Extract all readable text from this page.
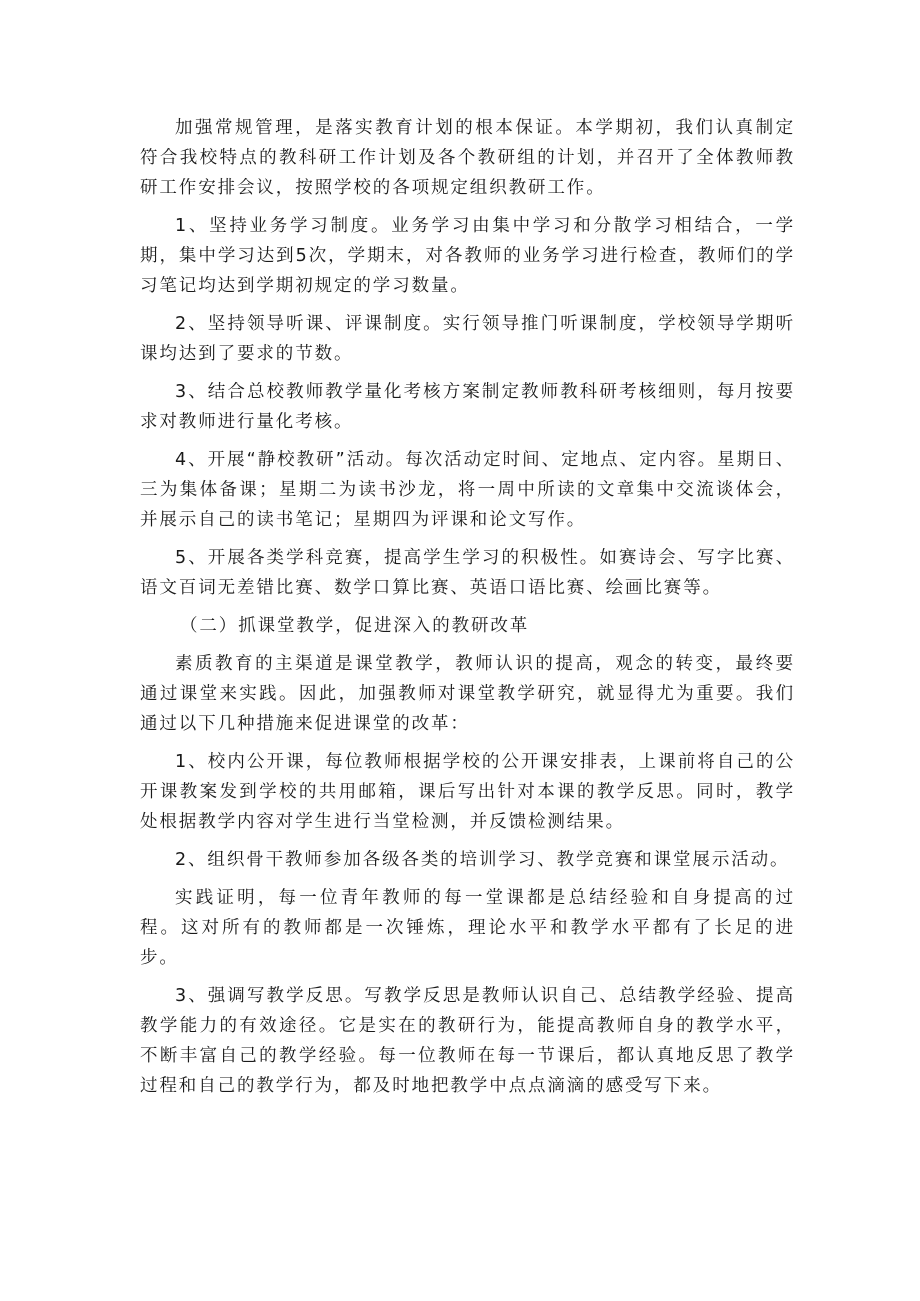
加强常规管理，是落实教育计划的根本保证。本学期初，我们认真制定符合我校特点的教科研工作计划及各个教研组的计划，并召开了全体教师教研工作安排会议，按照学校的各项规定组织教研工作。

1、坚持业务学习制度。业务学习由集中学习和分散学习相结合，一学期，集中学习达到5次，学期末，对各教师的业务学习进行检查，教师们的学习笔记均达到学期初规定的学习数量。

2、坚持领导听课、评课制度。实行领导推门听课制度，学校领导学期听课均达到了要求的节数。

3、结合总校教师教学量化考核方案制定教师教科研考核细则，每月按要求对教师进行量化考核。

4、开展“静校教研”活动。每次活动定时间、定地点、定内容。星期日、三为集体备课；星期二为读书沙龙，将一周中所读的文章集中交流谈体会，并展示自己的读书笔记；星期四为评课和论文写作。

5、开展各类学科竞赛，提高学生学习的积极性。如赛诗会、写字比赛、语文百词无差错比赛、数学口算比赛、英语口语比赛、绘画比赛等。

（二）抓课堂教学，促进深入的教研改革

素质教育的主渠道是课堂教学，教师认识的提高，观念的转变，最终要通过课堂来实践。因此，加强教师对课堂教学研究，就显得尤为重要。我们通过以下几种措施来促进课堂的改革：

1、校内公开课，每位教师根据学校的公开课安排表，上课前将自己的公开课教案发到学校的共用邮箱，课后写出针对本课的教学反思。同时，教学处根据教学内容对学生进行当堂检测，并反馈检测结果。

2、组织骨干教师参加各级各类的培训学习、教学竞赛和课堂展示活动。

实践证明，每一位青年教师的每一堂课都是总结经验和自身提高的过程。这对所有的教师都是一次锤炼，理论水平和教学水平都有了长足的进步。

3、强调写教学反思。写教学反思是教师认识自己、总结教学经验、提高教学能力的有效途径。它是实在的教研行为，能提高教师自身的教学水平，不断丰富自己的教学经验。每一位教师在每一节课后，都认真地反思了教学过程和自己的教学行为，都及时地把教学中点点滴滴的感受写下来。
